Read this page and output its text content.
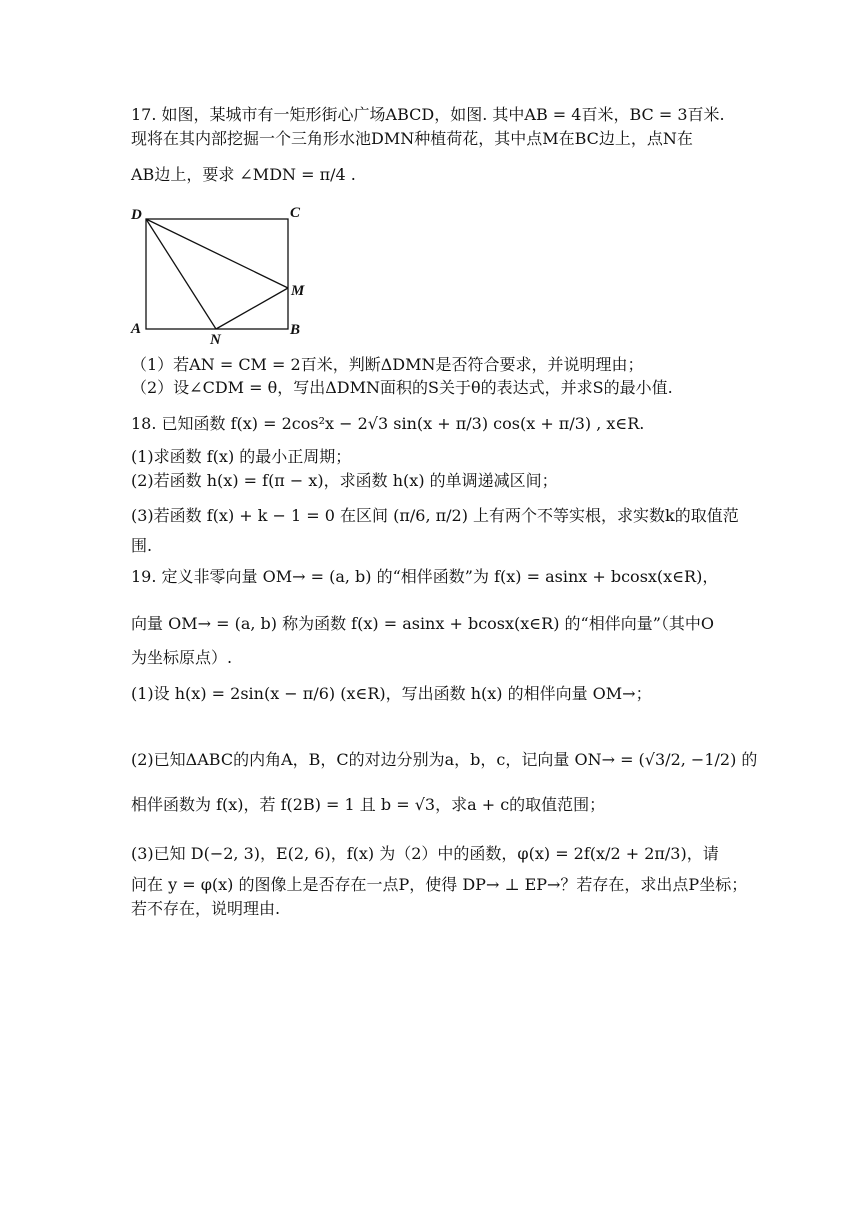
17. 如图，某城市有一矩形街心广场ABCD，如图. 其中AB = 4百米，BC = 3百米.
现将在其内部挖掘一个三角形水池DMN种植荷花，其中点M在BC边上，点N在
AB边上，要求 ∠MDN = π/4 .
D	C
A	B
M
N
（1）若AN = CM = 2百米，判断ΔDMN是否符合要求，并说明理由；
（2）设∠CDM = θ，写出ΔDMN面积的S关于θ的表达式，并求S的最小值.
18. 已知函数 f(x) = 2cos²x − 2√3 sin(x + π/3) cos(x + π/3) , x∈R.
(1)求函数 f(x) 的最小正周期；
(2)若函数 h(x) = f(π − x)，求函数 h(x) 的单调递减区间；
(3)若函数 f(x) + k − 1 = 0 在区间 (π/6, π/2) 上有两个不等实根，求实数k的取值范
围.
19. 定义非零向量 OM→ = (a, b) 的“相伴函数”为 f(x) = asinx + bcosx(x∈R)，
向量 OM→ = (a, b) 称为函数 f(x) = asinx + bcosx(x∈R) 的“相伴向量”（其中O
为坐标原点）.
(1)设 h(x) = 2sin(x − π/6) (x∈R)，写出函数 h(x) 的相伴向量 OM→；
(2)已知ΔABC的内角A，B，C的对边分别为a，b，c，记向量 ON→ = (√3/2, −1/2) 的
相伴函数为 f(x)，若 f(2B) = 1 且 b = √3，求a + c的取值范围；
(3)已知 D(−2, 3)，E(2, 6)，f(x) 为（2）中的函数，φ(x) = 2f(x/2 + 2π/3)，请
问在 y = φ(x) 的图像上是否存在一点P，使得 DP→ ⊥ EP→？若存在，求出点P坐标；
若不存在，说明理由.
